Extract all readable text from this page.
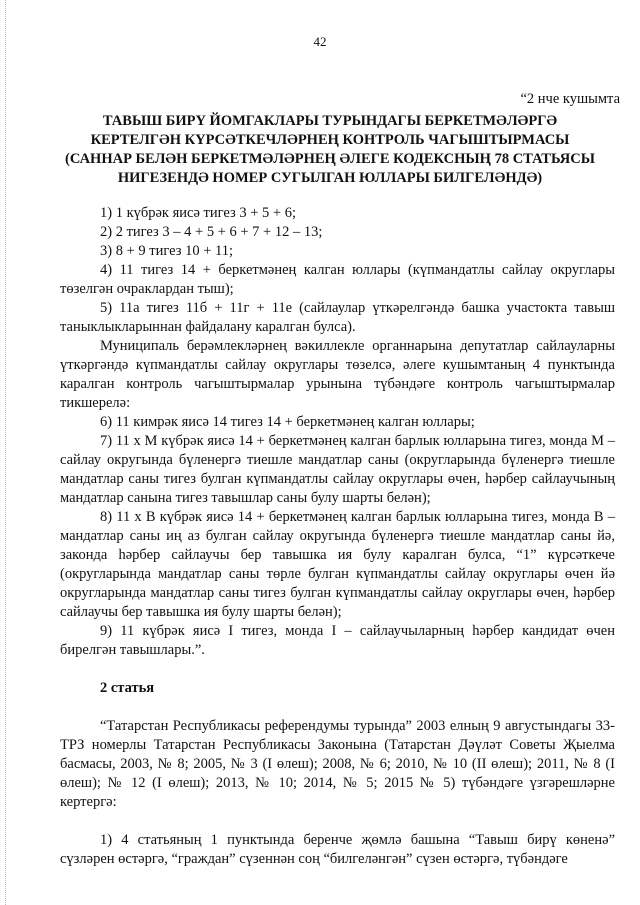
42
“2 нче кушымта
ТАВЫШ БИРҮ ЙОМГАКЛАРЫ ТУРЫНДАГЫ БЕРКЕТМӘЛӘРГӘ
КЕРТЕЛГӘН КҮРСӘТКЕЧЛӘРНЕҢ КОНТРОЛЬ ЧАГЫШТЫРМАСЫ
(САННАР БЕЛӘН БЕРКЕТМӘЛӘРНЕҢ ӘЛЕГЕ КОДЕКСНЫҢ 78 СТАТЬЯСЫ
НИГЕЗЕНДӘ НОМЕР СУГЫЛГАН ЮЛЛАРЫ БИЛГЕЛӘНДӘ)

1) 1 күбрәк яисә тигез 3 + 5 + 6;

2) 2 тигез 3 – 4 + 5 + 6 + 7 + 12 – 13;

3) 8 + 9 тигез 10 + 11;

4) 11 тигез 14 + беркетмәнең калган юллары (күпмандатлы сайлау округлары төзелгән очраклардан тыш);

5) 11а тигез 11б + 11г + 11е (сайлаулар үткәрелгәндә башка участокта тавыш таныклыкларыннан файдалану каралган булса).

Муниципаль берәмлекләрнең вәкиллекле органнарына депутатлар сайлауларны үткәргәндә күпмандатлы сайлау округлары төзелсә, әлеге кушымтаның 4 пунктында каралган контроль чагыштырмалар урынына түбәндәге контроль чагыштырмалар тикшерелә:

6) 11 кимрәк яисә 14 тигез 14 + беркетмәнең калган юллары;

7) 11 х М күбрәк яисә 14 + беркетмәнең калган барлык юлларына тигез, монда М – сайлау округында бүленергә тиешле мандатлар саны (округларында бүленергә тиешле мандатлар саны тигез булган күпмандатлы сайлау округлары өчен, һәрбер сайлаучының мандатлар санына тигез тавышлар саны булу шарты белән);

8) 11 х В күбрәк яисә 14 + беркетмәнең калган барлык юлларына тигез, монда В – мандатлар саны иң аз булган сайлау округында бүленергә тиешле мандатлар саны йә, законда һәрбер сайлаучы бер тавышка ия булу каралган булса, “1” күрсәткече (округларында мандатлар саны төрле булган күпмандатлы сайлау округлары өчен йә округларында мандатлар саны тигез булган күпмандатлы сайлау округлары өчен, һәрбер сайлаучы бер тавышка ия булу шарты белән);

9) 11 күбрәк яисә I тигез, монда I – сайлаучыларның һәрбер кандидат өчен бирелгән тавышлары.”.

2 статья

“Татарстан Республикасы референдумы турында” 2003 елның 9 августындагы 33-ТРЗ номерлы Татарстан Республикасы Законына (Татарстан Дәүләт Советы Җыелма басмасы, 2003, № 8; 2005, № 3 (I өлеш); 2008, № 6; 2010, № 10 (II өлеш); 2011, № 8 (I өлеш); № 12 (I өлеш); 2013, № 10; 2014, № 5; 2015 № 5) түбәндәге үзгәрешләрне кертергә:

1) 4 статьяның 1 пунктында беренче җөмлә башына “Тавыш бирү көненә” сүзләрен өстәргә, “граждан” сүзеннән соң “билгеләнгән” сүзен өстәргә, түбәндәге
